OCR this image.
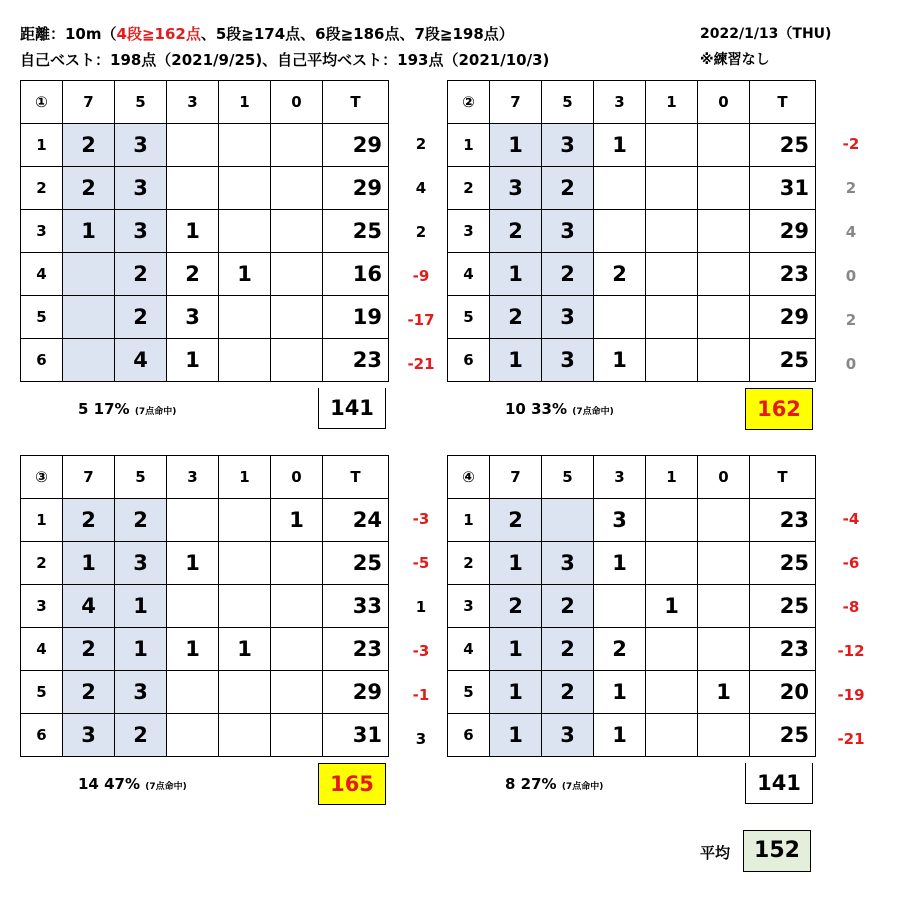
距離：10m（4段≧162点、5段≧174点、6段≧186点、7段≧198点）
自己ベスト：198点（2021/9/25)、自己平均ベスト：193点（2021/10/3)
2022/1/13（THU)
※練習なし
2
4
2
-9
-17
-21
①	7	5	3	1	0	T
1	2	3				29
2	2	3				29
3	1	3	1			25
4		2	2	1		16
5		2	3			19
6		4	1			23
5 17% (7点命中)	141
-2
2
4
0
2
0
②	7	5	3	1	0	T
1	1	3	1			25
2	3	2				31
3	2	3				29
4	1	2	2			23
5	2	3				29
6	1	3	1			25
10 33% (7点命中)	162
-3
-5
1
-3
-1
3
③	7	5	3	1	0	T
1	2	2			1	24
2	1	3	1			25
3	4	1				33
4	2	1	1	1		23
5	2	3				29
6	3	2				31
14 47% (7点命中)	165
-4
-6
-8
-12
-19
-21
④	7	5	3	1	0	T
1	2		3			23
2	1	3	1			25
3	2	2		1		25
4	1	2	2			23
5	1	2	1		1	20
6	1	3	1			25
8 27% (7点命中)	141
平均	152
